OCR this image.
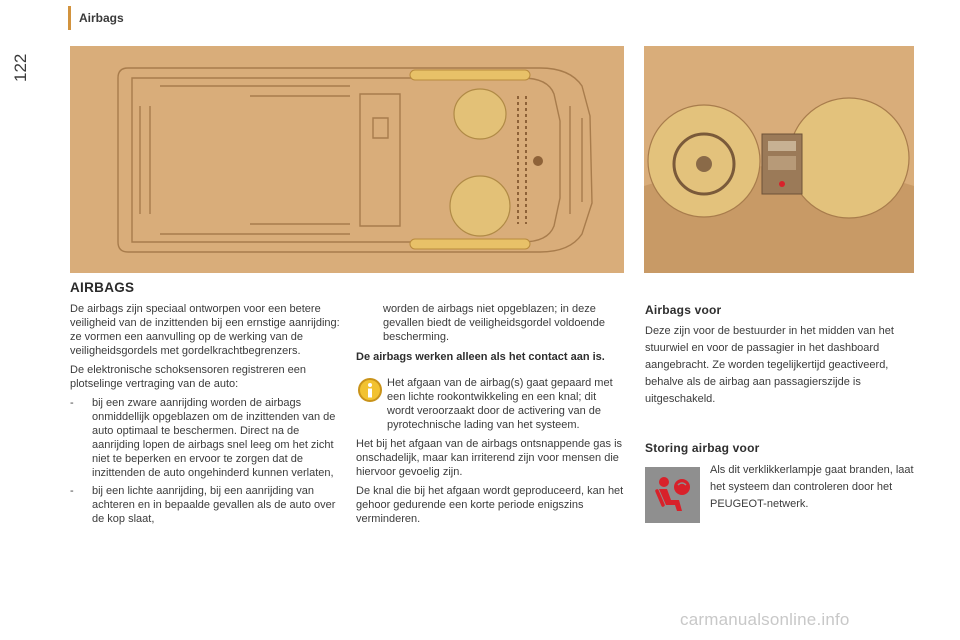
122
Airbags
AIRBAGS

De airbags zijn speciaal ontworpen voor een betere veiligheid van de inzittenden bij een ernstige aanrijding: ze vormen een aanvulling op de werking van de veiligheidsgordels met gordelkrachtbegrenzers.

De elektronische schoksensoren registreren een plotselinge vertraging van de auto:

- bij een zware aanrijding worden de airbags onmiddellijk opgeblazen om de inzittenden van de auto optimaal te beschermen. Direct na de aanrijding lopen de airbags snel leeg om het zicht niet te beperken en ervoor te zorgen dat de inzittenden de auto ongehinderd kunnen verlaten,
- bij een lichte aanrijding, bij een aanrijding van achteren en in bepaalde gevallen als de auto over de kop slaat,

worden de airbags niet opgeblazen; in deze gevallen biedt de veiligheidsgordel voldoende bescherming.

De airbags werken alleen als het contact aan is.

Het afgaan van de airbag(s) gaat gepaard met een lichte rookontwikkeling en een knal; dit wordt veroorzaakt door de activering van de pyrotechnische lading van het systeem.

Het bij het afgaan van de airbags ontsnappende gas is onschadelijk, maar kan irriterend zijn voor mensen die hiervoor gevoelig zijn.

De knal die bij het afgaan wordt geproduceerd, kan het gehoor gedurende een korte periode enigszins verminderen.

Airbags voor
Deze zijn voor de bestuurder in het midden van het stuurwiel en voor de passagier in het dashboard aangebracht. Ze worden tegelijkertijd geactiveerd, behalve als de airbag aan passagierszijde is uitgeschakeld.
Storing airbag voor
Als dit verklikkerlampje gaat branden, laat het systeem dan controleren door het PEUGEOT-netwerk.
carmanualsonline.info
